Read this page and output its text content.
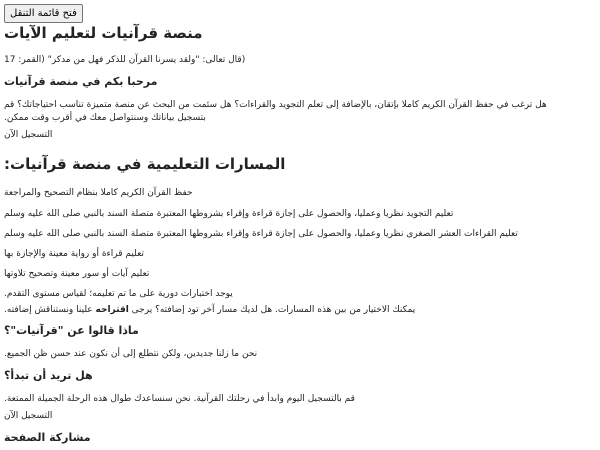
فتح قائمة التنقل
منصة قرآنيات لتعليم الآيات
(قال تعالى: "ولقد يسرنا القرآن للذكر فهل من مدكر" (القمر: 17
مرحبا بكم في منصة قرآنيات
هل ترغب في حفظ القرآن الكريم كاملا بإتقان، بالإضافة إلى تعلم التجويد والقراءات؟ هل سئمت من البحث عن منصة متميزة تناسب احتياجاتك؟ قم
بتسجيل بياناتك وسنتواصل معك في أقرب وقت ممكن.
التسجيل الآن
المسارات التعليمية في منصة قرآنيات:
حفظ القرآن الكريم كاملا بنظام التصحيح والمراجعة
تعليم التجويد نظريا وعمليا، والحصول على إجازة قراءة وإقراء بشروطها المعتبرة متصلة السند بالنبي صلى الله عليه وسلم
تعليم القراءات العشر الصغرى نظريا وعمليا، والحصول على إجازة قراءة وإقراء بشروطها المعتبرة متصلة السند بالنبي صلى الله عليه وسلم
تعليم قراءة أو رواية معينة والإجازة بها
تعليم آيات أو سور معينة وتصحيح تلاوتها
يوجد اختبارات دورية على ما تم تعليمه؛ لقياس مستوى التقدم.
يمكنك الاختيار من بين هذه المسارات. هل لديك مسار آخر تود إضافته؟ يرجى اقتراحه علينا ونستناقش إضافته.
ماذا قالوا عن "قرآنيات"؟
نحن ما زلنا جديدين، ولكن نتطلع إلى أن نكون عند حسن ظن الجميع.
هل تريد أن تبدأ؟
قم بالتسجيل اليوم وابدأ في رحلتك القرآنية. نحن سنساعدك طوال هذه الرحلة الجميلة الممتعة.
التسجيل الآن
مشاركة الصفحة
